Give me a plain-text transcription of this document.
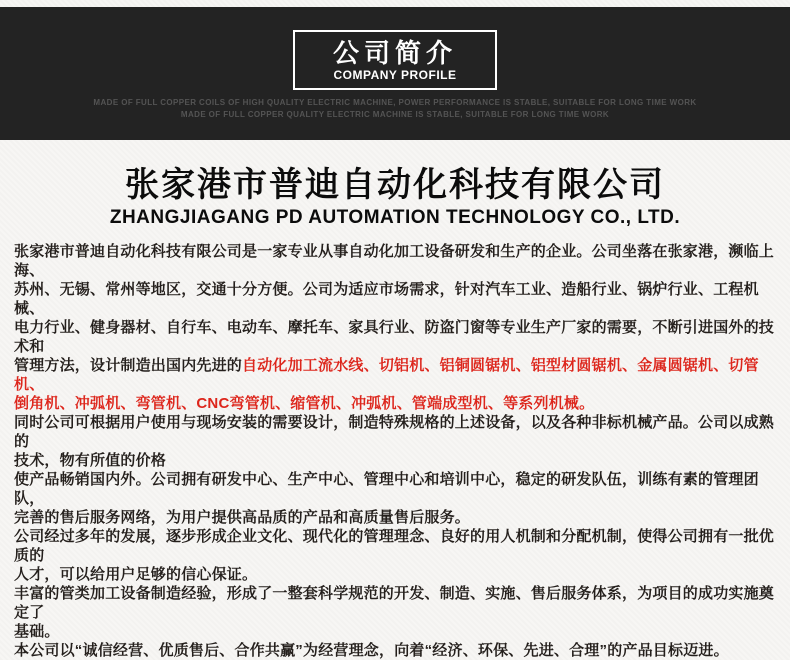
公司简介
COMPANY PROFILE
MADE OF FULL COPPER COILS OF HIGH QUALITY ELECTRIC MACHINE, POWER PERFORMANCE IS STABLE, SUITABLE FOR LONG TIME WORK
MADE OF FULL COPPER QUALITY ELECTRIC MACHINE IS STABLE, SUITABLE FOR LONG TIME WORK
张家港市普迪自动化科技有限公司
ZHANGJIAGANG PD AUTOMATION TECHNOLOGY CO., LTD.
张家港市普迪自动化科技有限公司是一家专业从事自动化加工设备研发和生产的企业。公司坐落在张家港，濒临上海、
苏州、无锡、常州等地区，交通十分方便。公司为适应市场需求，针对汽车工业、造船行业、锅炉行业、工程机械、
电力行业、健身器材、自行车、电动车、摩托车、家具行业、防盗门窗等专业生产厂家的需要，不断引进国外的技术和
管理方法，设计制造出国内先进的自动化加工流水线、切铝机、铝铜圆锯机、铝型材圆锯机、金属圆锯机、切管机、
倒角机、冲弧机、弯管机、CNC弯管机、缩管机、冲弧机、管端成型机、等系列机械。
同时公司可根据用户使用与现场安装的需要设计，制造特殊规格的上述设备，以及各种非标机械产品。公司以成熟的
技术，物有所值的价格
使产品畅销国内外。公司拥有研发中心、生产中心、管理中心和培训中心，稳定的研发队伍，训练有素的管理团队，
完善的售后服务网络，为用户提供高品质的产品和高质量售后服务。
公司经过多年的发展，逐步形成企业文化、现代化的管理理念、良好的用人机制和分配机制，使得公司拥有一批优质的
人才，可以给用户足够的信心保证。
丰富的管类加工设备制造经验，形成了一整套科学规范的开发、制造、实施、售后服务体系，为项目的成功实施奠定了
基础。
本公司以“诚信经营、优质售后、合作共赢”为经营理念，向着“经济、环保、先进、合理”的产品目标迈进。
